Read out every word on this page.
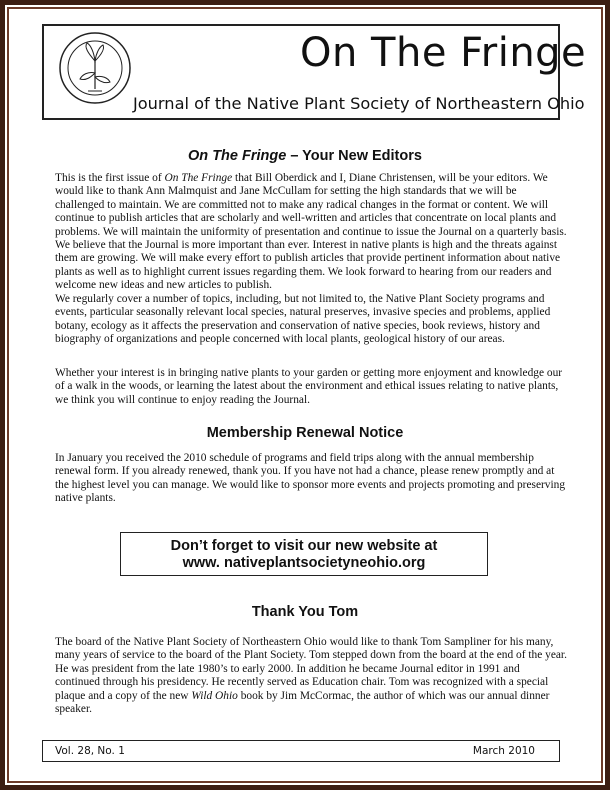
On The Fringe
Journal of the Native Plant Society of Northeastern Ohio
On The Fringe – Your New Editors

This is the first issue of On The Fringe that Bill Oberdick and I, Diane Christensen, will be your editors. We would like to thank Ann Malmquist and Jane McCullam for setting the high standards that we will be challenged to maintain. We are committed not to make any radical changes in the format or content. We will continue to publish articles that are scholarly and well-written and articles that concentrate on local plants and problems. We will maintain the uniformity of presentation and continue to issue the Journal on a quarterly basis. We believe that the Journal is more important than ever. Interest in native plants is high and the threats against them are growing. We will make every effort to publish articles that provide pertinent information about native plants as well as to highlight current issues regarding them. We look forward to hearing from our readers and welcome new ideas and new articles to publish.

We regularly cover a number of topics, including, but not limited to, the Native Plant Society programs and events, particular seasonally relevant local species, natural preserves, invasive species and problems, applied botany, ecology as it affects the preservation and conservation of native species, book reviews, history and biography of organizations and people concerned with local plants, geological history of our areas.

Whether your interest is in bringing native plants to your garden or getting more enjoyment and knowledge our of a walk in the woods, or learning the latest about the environment and ethical issues relating to native plants, we think you will continue to enjoy reading the Journal.

Membership Renewal Notice

In January you received the 2010 schedule of programs and field trips along with the annual membership renewal form. If you already renewed, thank you. If you have not had a chance, please renew promptly and at the highest level you can manage. We would like to sponsor more events and projects promoting and preserving native plants.

Don’t forget to visit our new website at
www. nativeplantsocietyneohio.org
Thank You Tom

The board of the Native Plant Society of Northeastern Ohio would like to thank Tom Sampliner for his many, many years of service to the board of the Plant Society. Tom stepped down from the board at the end of the year. He was president from the late 1980’s to early 2000. In addition he became Journal editor in 1991 and continued through his presidency. He recently served as Education chair. Tom was recognized with a special plaque and a copy of the new Wild Ohio book by Jim McCormac, the author of which was our annual dinner speaker.

Vol. 28, No. 1	March 2010
